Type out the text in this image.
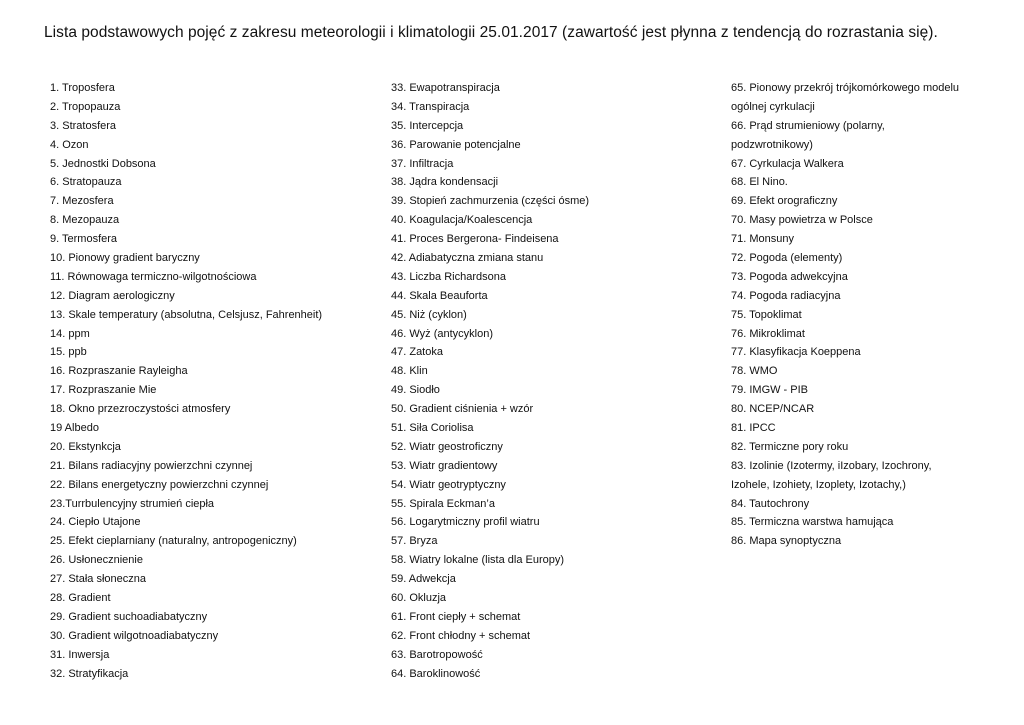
Lista podstawowych pojęć z zakresu meteorologii i klimatologii 25.01.2017 (zawartość jest płynna z tendencją do rozrastania się).
1. Troposfera
2. Tropopauza
3. Stratosfera
4. Ozon
5. Jednostki Dobsona
6. Stratopauza
7. Mezosfera
8. Mezopauza
9. Termosfera
10. Pionowy gradient baryczny
11. Równowaga termiczno-wilgotnościowa
12. Diagram aerologiczny
13. Skale temperatury (absolutna, Celsjusz, Fahrenheit)
14. ppm
15. ppb
16. Rozpraszanie Rayleigha
17. Rozpraszanie Mie
18. Okno przezroczystości atmosfery
19 Albedo
20. Ekstynkcja
21. Bilans radiacyjny powierzchni czynnej
22. Bilans energetyczny powierzchni czynnej
23.Turrbulencyjny strumień ciepła
24. Ciepło Utajone
25. Efekt cieplarniany (naturalny, antropogeniczny)
26. Usłonecznienie
27. Stała słoneczna
28. Gradient
29. Gradient suchoadiabatyczny
30. Gradient wilgotnoadiabatyczny
31. Inwersja
32. Stratyfikacja
33. Ewapotranspiracja
34. Transpiracja
35. Intercepcja
36. Parowanie potencjalne
37. Infiltracja
38. Jądra kondensacji
39. Stopień zachmurzenia (części ósme)
40. Koagulacja/Koalescencja
41. Proces Bergerona- Findeisena
42. Adiabatyczna zmiana stanu
43. Liczba Richardsona
44. Skala Beauforta
45. Niż (cyklon)
46. Wyż (antycyklon)
47. Zatoka
48. Klin
49. Siodło
50. Gradient ciśnienia + wzór
51. Siła Coriolisa
52. Wiatr geostroficzny
53. Wiatr gradientowy
54. Wiatr geotryptyczny
55. Spirala Eckman’a
56. Logarytmiczny profil wiatru
57. Bryza
58. Wiatry lokalne (lista dla Europy)
59. Adwekcja
60. Okluzja
61. Front ciepły + schemat
62. Front chłodny + schemat
63. Barotropowość
64. Baroklinowość
65. Pionowy przekrój trójkomórkowego modelu
ogólnej cyrkulacji
66. Prąd strumieniowy (polarny,
podzwrotnikowy)
67. Cyrkulacja Walkera
68. El Nino.
69. Efekt orograficzny
70. Masy powietrza w Polsce
71. Monsuny
72. Pogoda (elementy)
73. Pogoda adwekcyjna
74. Pogoda radiacyjna
75. Topoklimat
76. Mikroklimat
77. Klasyfikacja Koeppena
78. WMO
79. IMGW - PIB
80. NCEP/NCAR
81. IPCC
82. Termiczne pory roku
83. Izolinie (Izotermy, iIzobary, Izochrony,
Izohele, Izohiety, Izoplety, Izotachy,)
84. Tautochrony
85. Termiczna warstwa hamująca
86. Mapa synoptyczna
